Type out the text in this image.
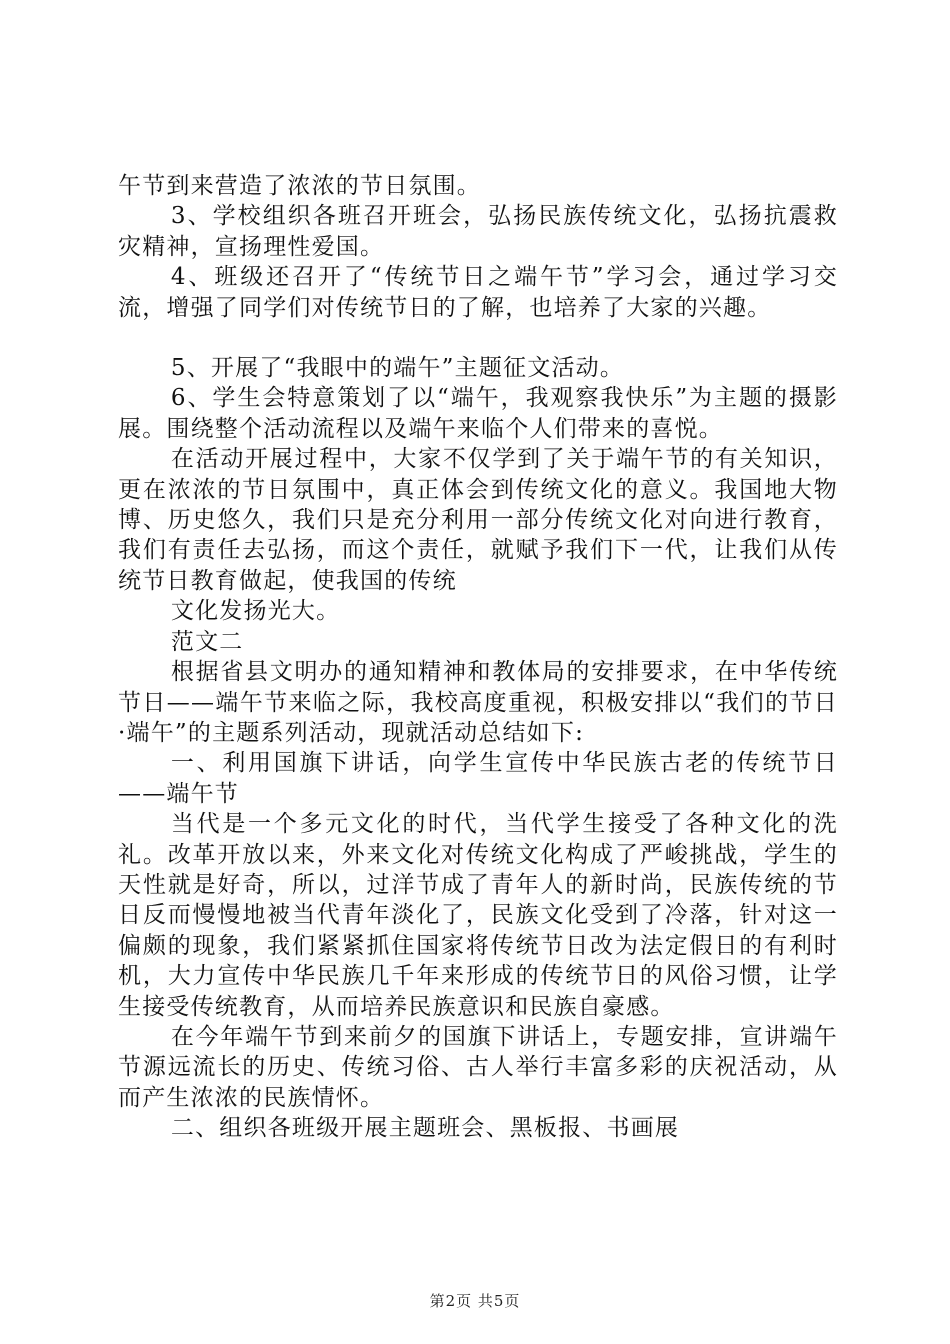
午节到来营造了浓浓的节日氛围。

3、学校组织各班召开班会，弘扬民族传统文化，弘扬抗震救灾精神，宣扬理性爱国。

4、班级还召开了“传统节日之端午节”学习会，通过学习交流，增强了同学们对传统节日的了解，也培养了大家的兴趣。

5、开展了“我眼中的端午”主题征文活动。

6、学生会特意策划了以“端午，我观察我快乐”为主题的摄影展。围绕整个活动流程以及端午来临个人们带来的喜悦。

在活动开展过程中，大家不仅学到了关于端午节的有关知识，更在浓浓的节日氛围中，真正体会到传统文化的意义。我国地大物博、历史悠久，我们只是充分利用一部分传统文化对向进行教育，我们有责任去弘扬，而这个责任，就赋予我们下一代，让我们从传统节日教育做起，使我国的传统

文化发扬光大。

范文二

根据省县文明办的通知精神和教体局的安排要求，在中华传统节日——端午节来临之际，我校高度重视，积极安排以“我们的节日·端午”的主题系列活动，现就活动总结如下:

一、利用国旗下讲话，向学生宣传中华民族古老的传统节日——端午节

当代是一个多元文化的时代，当代学生接受了各种文化的洗礼。改革开放以来，外来文化对传统文化构成了严峻挑战，学生的天性就是好奇，所以，过洋节成了青年人的新时尚，民族传统的节日反而慢慢地被当代青年淡化了，民族文化受到了冷落，针对这一偏颇的现象，我们紧紧抓住国家将传统节日改为法定假日的有利时机，大力宣传中华民族几千年来形成的传统节日的风俗习惯，让学生接受传统教育，从而培养民族意识和民族自豪感。

在今年端午节到来前夕的国旗下讲话上，专题安排，宣讲端午节源远流长的历史、传统习俗、古人举行丰富多彩的庆祝活动，从而产生浓浓的民族情怀。

二、组织各班级开展主题班会、黑板报、书画展

第2页 共5页
